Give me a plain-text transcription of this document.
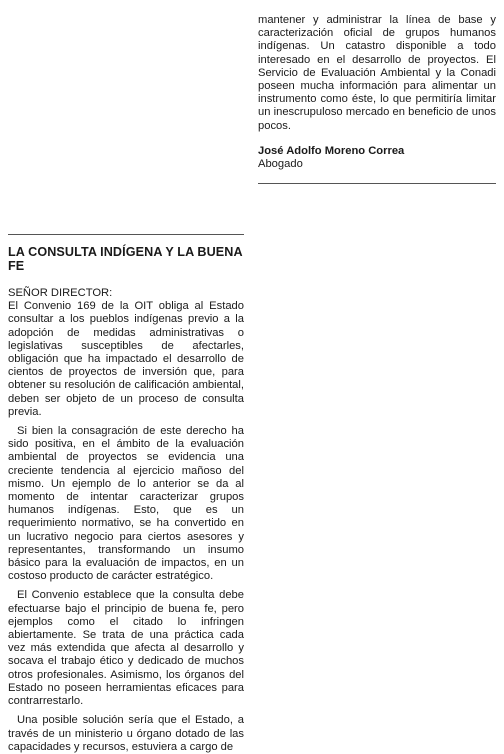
mantener y administrar la línea de base y caracterización oficial de grupos humanos indígenas. Un catastro disponible a todo interesado en el desarrollo de proyectos. El Servicio de Evaluación Ambiental y la Conadi poseen mucha información para alimentar un instrumento como éste, lo que permitiría limitar un inescrupuloso mercado en beneficio de unos pocos.

José Adolfo Moreno Correa
Abogado
LA CONSULTA INDÍGENA Y LA BUENA FE
SEÑOR DIRECTOR:

El Convenio 169 de la OIT obliga al Estado consultar a los pueblos indígenas previo a la adopción de medidas administrativas o legislativas susceptibles de afectarles, obligación que ha impactado el desarrollo de cientos de proyectos de inversión que, para obtener su resolución de calificación ambiental, deben ser objeto de un proceso de consulta previa.

Si bien la consagración de este derecho ha sido positiva, en el ámbito de la evaluación ambiental de proyectos se evidencia una creciente tendencia al ejercicio mañoso del mismo. Un ejemplo de lo anterior se da al momento de intentar caracterizar grupos humanos indígenas. Esto, que es un requerimiento normativo, se ha convertido en un lucrativo negocio para ciertos asesores y representantes, transformando un insumo básico para la evaluación de impactos, en un costoso producto de carácter estratégico.

El Convenio establece que la consulta debe efectuarse bajo el principio de buena fe, pero ejemplos como el citado lo infringen abiertamente. Se trata de una práctica cada vez más extendida que afecta al desarrollo y socava el trabajo ético y dedicado de muchos otros profesionales. Asimismo, los órganos del Estado no poseen herramientas eficaces para contrarrestarlo.

Una posible solución sería que el Estado, a través de un ministerio u órgano dotado de las capacidades y recursos, estuviera a cargo de
